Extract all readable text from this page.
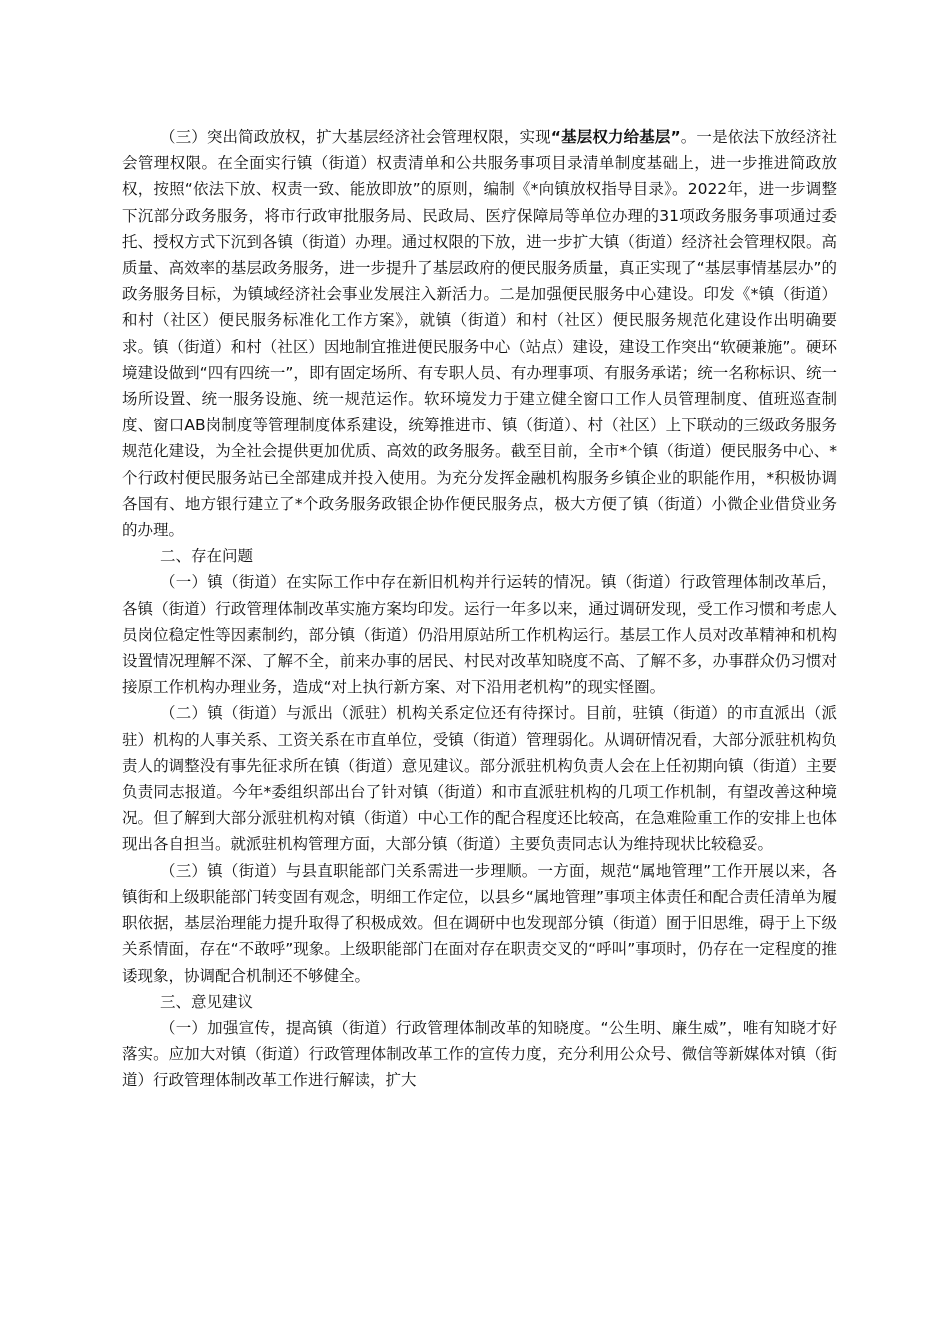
（三）突出简政放权，扩大基层经济社会管理权限，实现“基层权力给基层”。一是依法下放经济社会管理权限。在全面实行镇（街道）权责清单和公共服务事项目录清单制度基础上，进一步推进简政放权，按照“依法下放、权责一致、能放即放”的原则，编制《*向镇放权指导目录》。2022年，进一步调整下沉部分政务服务，将市行政审批服务局、民政局、医疗保障局等单位办理的31项政务服务事项通过委托、授权方式下沉到各镇（街道）办理。通过权限的下放，进一步扩大镇（街道）经济社会管理权限。高质量、高效率的基层政务服务，进一步提升了基层政府的便民服务质量，真正实现了“基层事情基层办”的政务服务目标，为镇域经济社会事业发展注入新活力。二是加强便民服务中心建设。印发《*镇（街道）和村（社区）便民服务标准化工作方案》，就镇（街道）和村（社区）便民服务规范化建设作出明确要求。镇（街道）和村（社区）因地制宜推进便民服务中心（站点）建设，建设工作突出“软硬兼施”。硬环境建设做到“四有四统一”，即有固定场所、有专职人员、有办理事项、有服务承诺；统一名称标识、统一场所设置、统一服务设施、统一规范运作。软环境发力于建立健全窗口工作人员管理制度、值班巡查制度、窗口AB岗制度等管理制度体系建设，统筹推进市、镇（街道）、村（社区）上下联动的三级政务服务规范化建设，为全社会提供更加优质、高效的政务服务。截至目前，全市*个镇（街道）便民服务中心、*个行政村便民服务站已全部建成并投入使用。为充分发挥金融机构服务乡镇企业的职能作用，*积极协调各国有、地方银行建立了*个政务服务政银企协作便民服务点，极大方便了镇（街道）小微企业借贷业务的办理。

二、存在问题

（一）镇（街道）在实际工作中存在新旧机构并行运转的情况。镇（街道）行政管理体制改革后，各镇（街道）行政管理体制改革实施方案均印发。运行一年多以来，通过调研发现，受工作习惯和考虑人员岗位稳定性等因素制约，部分镇（街道）仍沿用原站所工作机构运行。基层工作人员对改革精神和机构设置情况理解不深、了解不全，前来办事的居民、村民对改革知晓度不高、了解不多，办事群众仍习惯对接原工作机构办理业务，造成“对上执行新方案、对下沿用老机构”的现实怪圈。

（二）镇（街道）与派出（派驻）机构关系定位还有待探讨。目前，驻镇（街道）的市直派出（派驻）机构的人事关系、工资关系在市直单位，受镇（街道）管理弱化。从调研情况看，大部分派驻机构负责人的调整没有事先征求所在镇（街道）意见建议。部分派驻机构负责人会在上任初期向镇（街道）主要负责同志报道。今年*委组织部出台了针对镇（街道）和市直派驻机构的几项工作机制，有望改善这种境况。但了解到大部分派驻机构对镇（街道）中心工作的配合程度还比较高，在急难险重工作的安排上也体现出各自担当。就派驻机构管理方面，大部分镇（街道）主要负责同志认为维持现状比较稳妥。

（三）镇（街道）与县直职能部门关系需进一步理顺。一方面，规范“属地管理”工作开展以来，各镇街和上级职能部门转变固有观念，明细工作定位，以县乡“属地管理”事项主体责任和配合责任清单为履职依据，基层治理能力提升取得了积极成效。但在调研中也发现部分镇（街道）囿于旧思维，碍于上下级关系情面，存在“不敢呼”现象。上级职能部门在面对存在职责交叉的“呼叫”事项时，仍存在一定程度的推诿现象，协调配合机制还不够健全。

三、意见建议

（一）加强宣传，提高镇（街道）行政管理体制改革的知晓度。“公生明、廉生威”，唯有知晓才好落实。应加大对镇（街道）行政管理体制改革工作的宣传力度，充分利用公众号、微信等新媒体对镇（街道）行政管理体制改革工作进行解读，扩大
